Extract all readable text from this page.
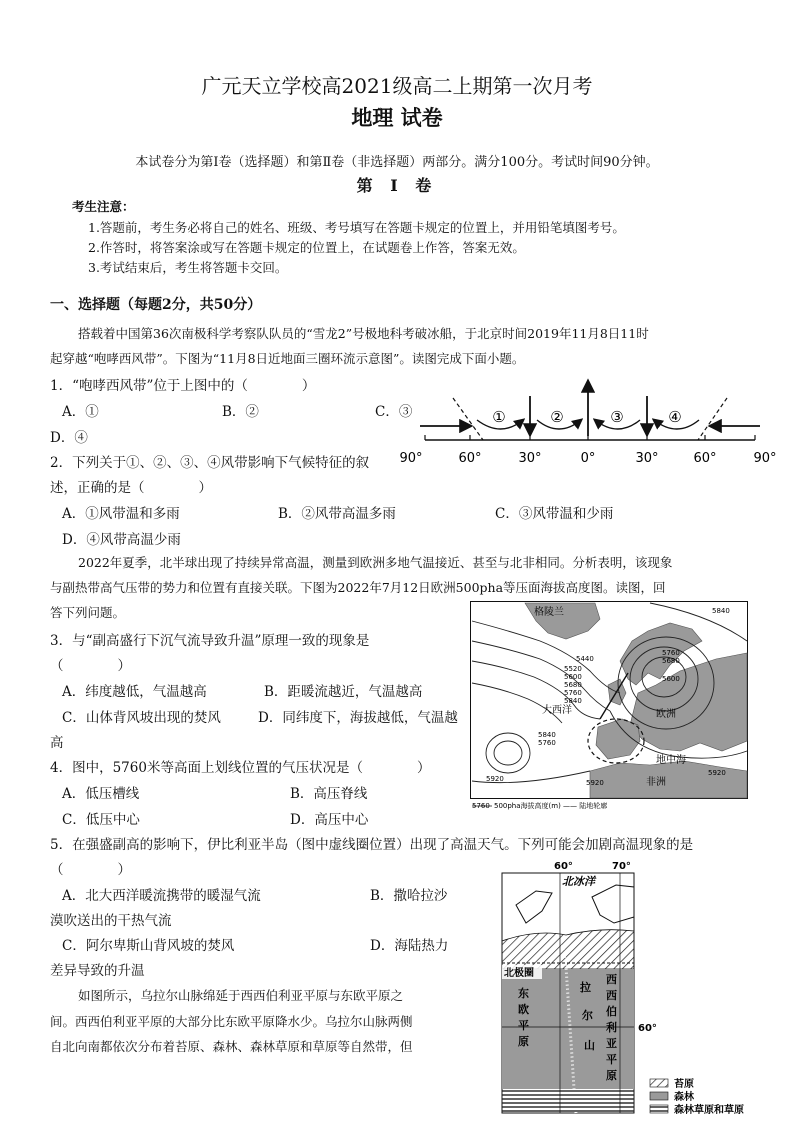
广元天立学校高2021级高二上期第一次月考
地理 试卷
本试卷分为第Ⅰ卷（选择题）和第Ⅱ卷（非选择题）两部分。满分100分。考试时间90分钟。
第 Ⅰ 卷
考生注意：
1.答题前，考生务必将自己的姓名、班级、考号填写在答题卡规定的位置上，并用铅笔填图考号。
2.作答时，将答案涂或写在答题卡规定的位置上，在试题卷上作答，答案无效。
3.考试结束后，考生将答题卡交回。
一、选择题（每题2分，共50分）
搭载着中国第36次南极科学考察队队员的“雪龙2”号极地科考破冰船，于北京时间2019年11月8日11时
起穿越“咆哮西风带”。下图为“11月8日近地面三圈环流示意图”。读图完成下面小题。
1．“咆哮西风带”位于上图中的（　　　　）
A．①	B．②	C．③
D．④
2．下列关于①、②、③、④风带影响下气候特征的叙
述，正确的是（　　　　）
A．①风带温和多雨	B．②风带高温多雨	C．③风带温和少雨
D．④风带高温少雨
2022年夏季，北半球出现了持续异常高温，测量到欧洲多地气温接近、甚至与北非相同。分析表明，该现象
与副热带高气压带的势力和位置有直接关联。下图为2022年7月12日欧洲500pha等压面海拔高度图。读图，回
答下列问题。
3．与“副高盛行下沉气流导致升温”原理一致的现象是
（　　　　）
A．纬度越低，气温越高	B．距暖流越近，气温越高
C．山体背风坡出现的焚风	D．同纬度下，海拔越低，气温越
高
4．图中，5760米等高面上划线位置的气压状况是（　　　　）
A．低压槽线	B．高压脊线
C．低压中心	D．高压中心
5．在强盛副高的影响下，伊比利亚半岛（图中虚线圈位置）出现了高温天气。下列可能会加剧高温现象的是
（　　　　）
A．北大西洋暖流携带的暖湿气流	B．撒哈拉沙
漠吹送出的干热气流
C．阿尔卑斯山背风坡的焚风	D．海陆热力
差异导致的升温
如图所示，乌拉尔山脉绵延于西西伯利亚平原与东欧平原之
间。西西伯利亚平原的大部分比东欧平原降水少。乌拉尔山脉两侧
自北向南都依次分布着苔原、森林、森林草原和草原等自然带，但
①	②	③	④
90°	60°	30°	0°	30°	60°	90°
格陵兰
大西洋	欧洲
地中海
非洲
5840
5440
5520
5600
5680
5760
5840
5760
5680
5600
5840
5760
5920	5920
5920
5760 500pha海拔高度(m) —— 陆地轮廓
60°	70°
北冰洋
北极圈
60°
东
欧
平
原
拉
尔
山
西
西
伯
利
亚
平
原
苔原
森林
森林草原和草原
